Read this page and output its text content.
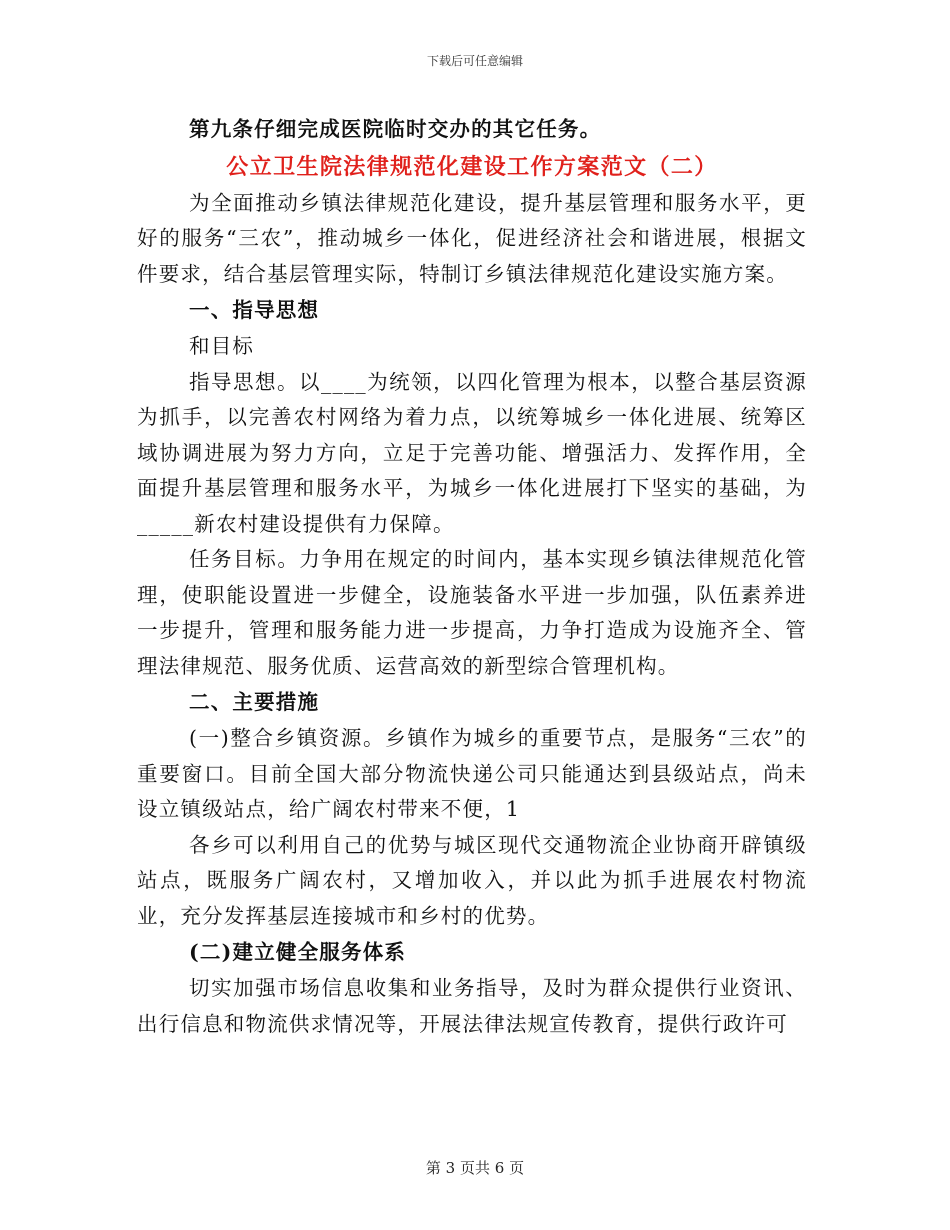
下载后可任意编辑

第九条仔细完成医院临时交办的其它任务。

公立卫生院法律规范化建设工作方案范文（二）

为全面推动乡镇法律规范化建设，提升基层管理和服务水平，更好的服务“三农”，推动城乡一体化，促进经济社会和谐进展，根据文件要求，结合基层管理实际，特制订乡镇法律规范化建设实施方案。

一、指导思想

和目标

指导思想。以____为统领，以四化管理为根本，以整合基层资源为抓手，以完善农村网络为着力点，以统筹城乡一体化进展、统筹区域协调进展为努力方向，立足于完善功能、增强活力、发挥作用，全面提升基层管理和服务水平，为城乡一体化进展打下坚实的基础，为_____新农村建设提供有力保障。

任务目标。力争用在规定的时间内，基本实现乡镇法律规范化管理，使职能设置进一步健全，设施装备水平进一步加强，队伍素养进一步提升，管理和服务能力进一步提高，力争打造成为设施齐全、管理法律规范、服务优质、运营高效的新型综合管理机构。

二、主要措施

(一)整合乡镇资源。乡镇作为城乡的重要节点，是服务“三农”的重要窗口。目前全国大部分物流快递公司只能通达到县级站点，尚未设立镇级站点，给广阔农村带来不便，1

各乡可以利用自己的优势与城区现代交通物流企业协商开辟镇级站点，既服务广阔农村，又增加收入，并以此为抓手进展农村物流业，充分发挥基层连接城市和乡村的优势。

(二)建立健全服务体系

切实加强市场信息收集和业务指导，及时为群众提供行业资讯、出行信息和物流供求情况等，开展法律法规宣传教育，提供行政许可

第 3 页共 6 页
